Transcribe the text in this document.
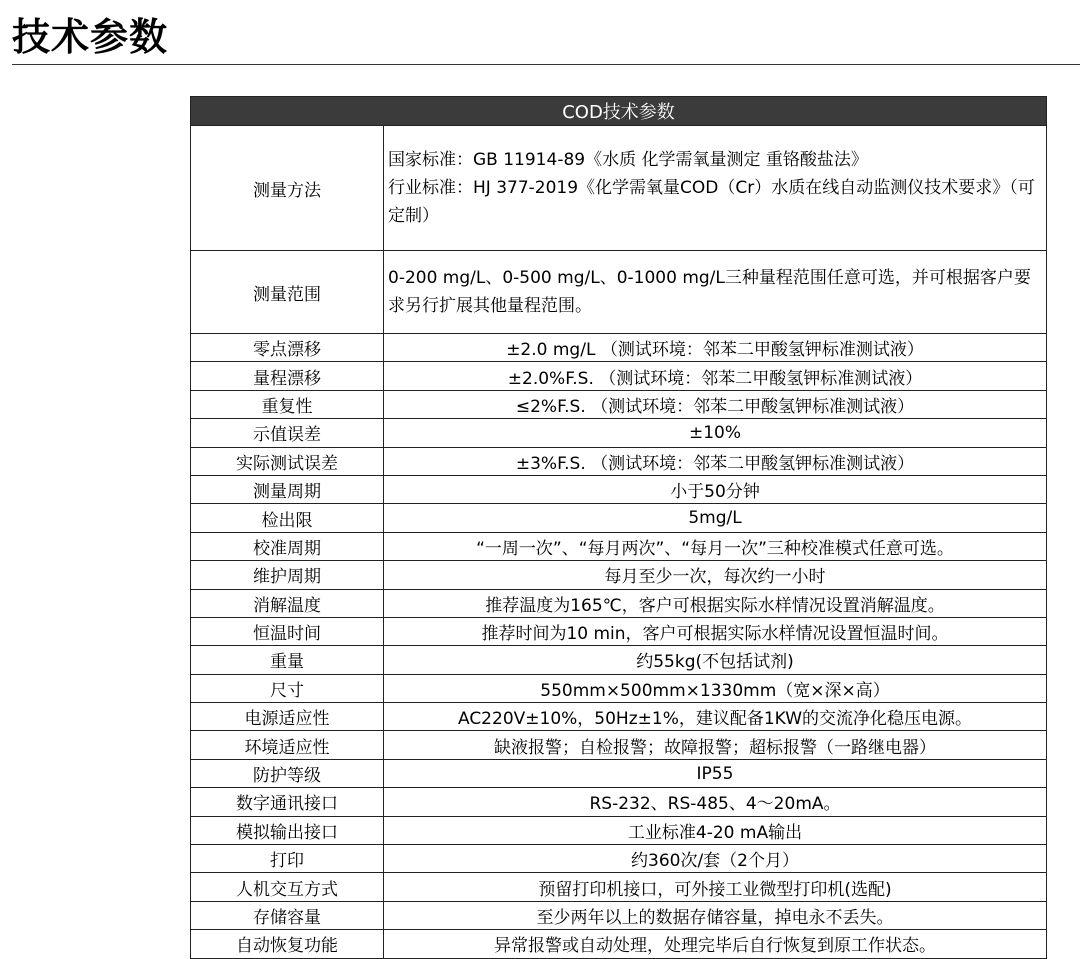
技术参数
COD技术参数	
测量方法	国家标准：GB 11914-89《水质 化学需氧量测定 重铬酸盐法》
行业标准：HJ 377-2019《化学需氧量COD（Cr）水质在线自动监测仪技术要求》（可定制）
测量范围	0-200 mg/L、0-500 mg/L、0-1000 mg/L三种量程范围任意可选，并可根据客户要求另行扩展其他量程范围。
零点漂移	±2.0 mg/L （测试环境：邻苯二甲酸氢钾标准测试液）
量程漂移	±2.0%F.S. （测试环境：邻苯二甲酸氢钾标准测试液）
重复性	≤2%F.S. （测试环境：邻苯二甲酸氢钾标准测试液）
示值误差	±10%
实际测试误差	±3%F.S. （测试环境：邻苯二甲酸氢钾标准测试液）
测量周期	小于50分钟
检出限	5mg/L
校准周期	“一周一次”、“每月两次”、“每月一次”三种校准模式任意可选。
维护周期	每月至少一次，每次约一小时
消解温度	推荐温度为165℃，客户可根据实际水样情况设置消解温度。
恒温时间	推荐时间为10 min，客户可根据实际水样情况设置恒温时间。
重量	约55kg(不包括试剂)
尺寸	550mm×500mm×1330mm（宽×深×高）
电源适应性	AC220V±10%，50Hz±1%，建议配备1KW的交流净化稳压电源。
环境适应性	缺液报警；自检报警；故障报警；超标报警（一路继电器）
防护等级	IP55
数字通讯接口	RS-232、RS-485、4～20mA。
模拟输出接口	工业标准4-20 mA输出
打印	约360次/套（2个月）
人机交互方式	预留打印机接口，可外接工业微型打印机(选配)
存储容量	至少两年以上的数据存储容量，掉电永不丢失。
自动恢复功能	异常报警或自动处理，处理完毕后自行恢复到原工作状态。
